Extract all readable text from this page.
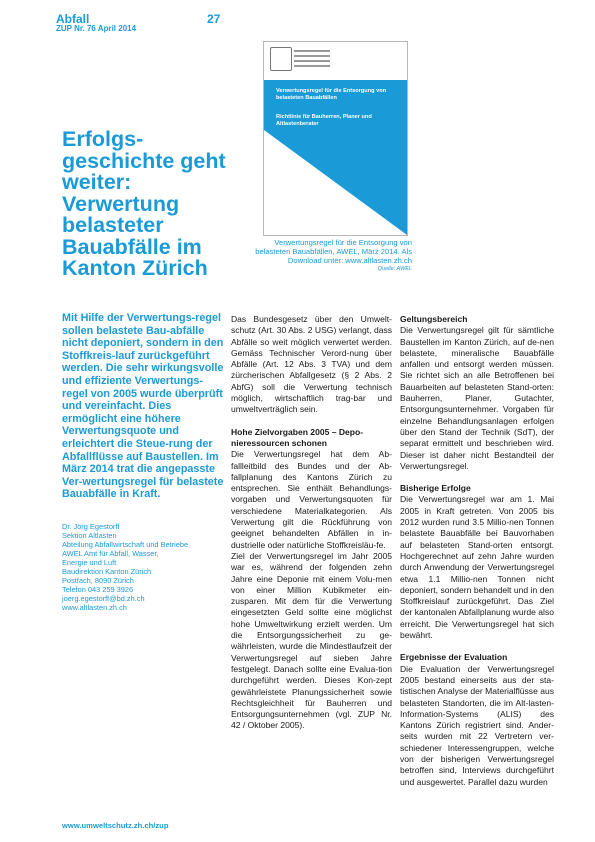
Abfall
ZUP Nr. 76 April 2014
27
Verwertungsregel für die Entsorgung von belasteten Bauabfällen
Richtlinie für Bauherren, Planer und Altlastenberater
Verwertungsregel für die Entsorgung von belasteten Bauabfällen, AWEL, März 2014. Als Download unter: www.altlasten.zh.ch
Quelle: AWEL
Erfolgs-geschichte geht weiter: Verwertung belasteter Bauabfälle im Kanton Zürich

Mit Hilfe der Verwertungs-regel sollen belastete Bau-abfälle nicht deponiert, sondern in den Stoffkreis-lauf zurückgeführt werden. Die sehr wirkungsvolle und effiziente Verwertungs-regel von 2005 wurde überprüft und vereinfacht. Dies ermöglicht eine höhere Verwertungsquote und erleichtert die Steue-rung der Abfallflüsse auf Baustellen. Im März 2014 trat die angepasste Ver-wertungsregel für belastete Bauabfälle in Kraft.

Dr. Jörg Egestorff
Sektion Altlasten
Abteilung Abfallwirtschaft und Betriebe
AWEL Amt für Abfall, Wasser,
Energie und Luft
Baudirektion Kanton Zürich
Postfach, 8090 Zürich
Telefon 043 259 3926
joerg.egestorff@bd.zh.ch
www.altlasten.zh.ch

Das Bundesgesetz über den Umwelt-schutz (Art. 30 Abs. 2 USG) verlangt, dass Abfälle so weit möglich verwertet werden. Gemäss Technischer Verord-nung über Abfälle (Art. 12 Abs. 3 TVA) und dem zürcherischen Abfallgesetz (§ 2 Abs. 2 AbfG) soll die Verwertung technisch möglich, wirtschaftlich trag-bar und umweltverträglich sein.

Hohe Zielvorgaben 2005 – Depo-nieressourcen schonen

Die Verwertungsregel hat dem Ab-fallleitbild des Bundes und der Ab-fallplanung des Kantons Zürich zu entsprechen. Sie enthält Behandlungs-vorgaben und Verwertungsquoten für verschiedene Materialkategorien. Als Verwertung gilt die Rückführung von geeignet behandelten Abfällen in in-dustrielle oder natürliche Stoffkreisläu-fe.

Ziel der Verwertungsregel im Jahr 2005 war es, während der folgenden zehn Jahre eine Deponie mit einem Volu-men von einer Million Kubikmeter ein-zusparen. Mit dem für die Verwertung eingesetzten Geld sollte eine möglichst hohe Umweltwirkung erzielt werden. Um die Entsorgungssicherheit zu ge-währleisten, wurde die Mindestlaufzeit der Verwertungsregel auf sieben Jahre festgelegt. Danach sollte eine Evalua-tion durchgeführt werden. Dieses Kon-zept gewährleistete Planungssicherheit sowie Rechtsgleichheit für Bauherren und Entsorgungsunternehmen (vgl. ZUP Nr. 42 / Oktober 2005).

Geltungsbereich

Die Verwertungsregel gilt für sämtliche Baustellen im Kanton Zürich, auf de-nen belastete, mineralische Bauabfälle anfallen und entsorgt werden müssen. Sie richtet sich an alle Betroffenen bei Bauarbeiten auf belasteten Stand-orten: Bauherren, Planer, Gutachter, Entsorgungsunternehmer. Vorgaben für einzelne Behandlungsanlagen erfolgen über den Stand der Technik (SdT), der separat ermittelt und beschrieben wird. Dieser ist daher nicht Bestandteil der Verwertungsregel.

Bisherige Erfolge

Die Verwertungsregel war am 1. Mai 2005 in Kraft getreten. Von 2005 bis 2012 wurden rund 3.5 Millio-nen Tonnen belastete Bauabfälle bei Bauvorhaben auf belasteten Stand-orten entsorgt. Hochgerechnet auf zehn Jahre wurden durch Anwendung der Verwertungsregel etwa 1.1 Millio-nen Tonnen nicht deponiert, sondern behandelt und in den Stoffkreislauf zurückgeführt. Das Ziel der kantonalen Abfallplanung wurde also erreicht. Die Verwertungsregel hat sich bewährt.

Ergebnisse der Evaluation

Die Evaluation der Verwertungsregel 2005 bestand einerseits aus der sta-tistischen Analyse der Materialflüsse aus belasteten Standorten, die im Alt-lasten-Information-Systems (ALIS) des Kantons Zürich registriert sind. Ander-seits wurden mit 22 Vertretern ver-schiedener Interessengruppen, welche von der bisherigen Verwertungsregel betroffen sind, Interviews durchgeführt und ausgewertet. Parallel dazu wurden

www.umweltschutz.zh.ch/zup
